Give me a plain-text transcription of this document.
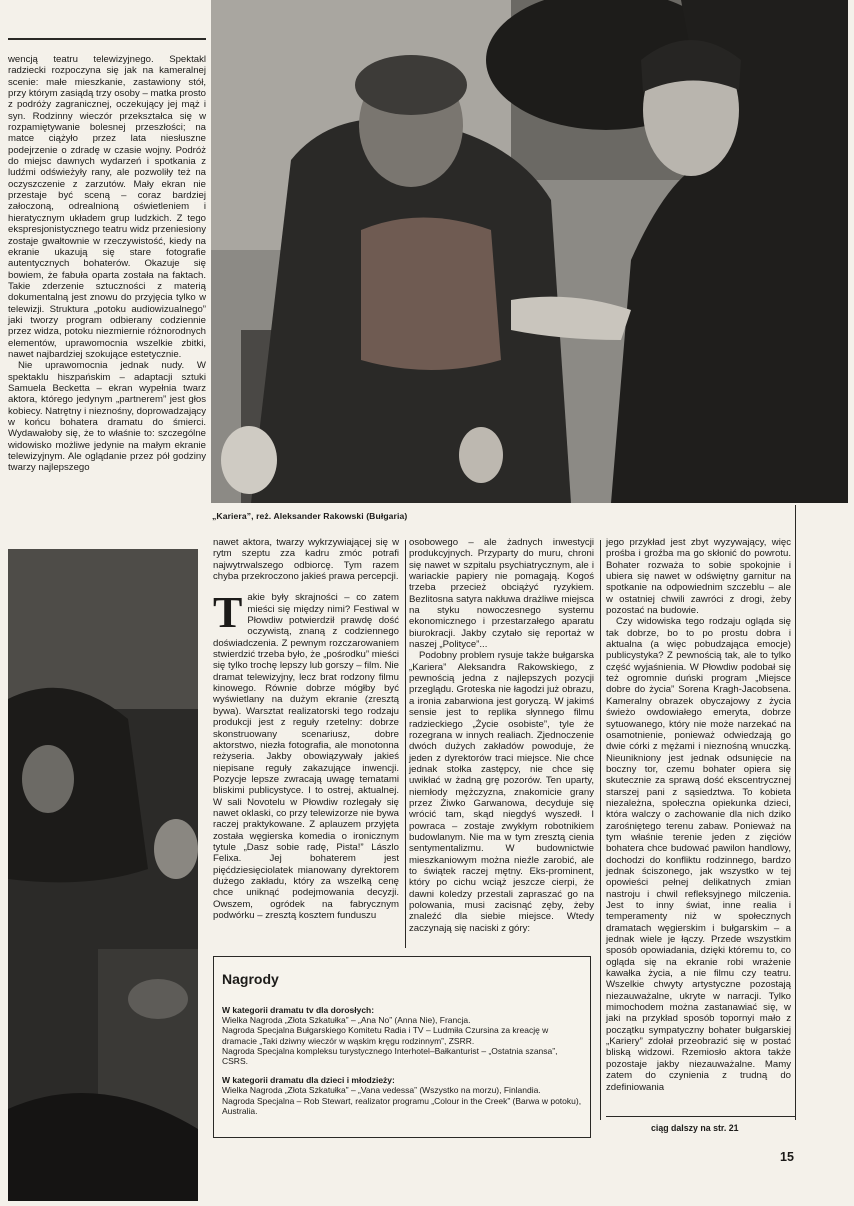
wencją teatru telewizyjnego. Spektakl radziecki rozpoczyna się jak na kameralnej scenie: małe mieszkanie, zastawiony stół, przy którym zasiądą trzy osoby – matka prosto z podróży zagranicznej, oczekujący jej mąż i syn. Rodzinny wieczór przekształca się w rozpamiętywanie bolesnej przeszłości; na matce ciążyło przez lata niesłuszne podejrzenie o zdradę w czasie wojny. Podróż do miejsc dawnych wydarzeń i spotkania z ludźmi odświeżyły rany, ale pozwoliły też na oczyszczenie z zarzutów. Mały ekran nie przestaje być sceną – coraz bardziej załoczoną, odrealnioną oświetleniem i hieratycznym układem grup ludzkich. Z tego ekspresjonistycznego teatru widz przeniesiony zostaje gwałtownie w rzeczywistość, kiedy na ekranie ukazują się stare fotografie autentycznych bohaterów. Okazuje się bowiem, że fabuła oparta została na faktach. Takie zderzenie sztuczności z materią dokumentalną jest znowu do przyjęcia tylko w telewizji. Struktura „potoku audiowizualnego” jaki tworzy program odbierany codziennie przez widza, potoku niezmiernie różnorodnych elementów, uprawomocnia wszelkie zbitki, nawet najbardziej szokujące estetycznie.

Nie uprawomocnia jednak nudy. W spektaklu hiszpańskim – adaptacji sztuki Samuela Becketta – ekran wypełnia twarz aktora, którego jedynym „partnerem” jest głos kobiecy. Natrętny i nieznośny, doprowadzający w końcu bohatera dramatu do śmierci. Wydawałoby się, że to właśnie to: szczególne widowisko możliwe jedynie na małym ekranie telewizyjnym. Ale oglądanie przez pół godziny twarzy najlepszego

„Kariera”, reż. Aleksander Rakowski (Bułgaria)

nawet aktora, twarzy wykrzywiającej się w rytm szeptu zza kadru zmóc potrafi najwytrwalszego odbiorcę. Tym razem chyba przekroczono jakieś prawa percepcji.

Takie były skrajności – co zatem mieści się między nimi? Festiwal w Płowdiw potwierdził prawdę dość oczywistą, znaną z codziennego doświadczenia. Z pewnym rozczarowaniem stwierdzić trzeba było, że „pośrodku” mieści się tylko trochę lepszy lub gorszy – film. Nie dramat telewizyjny, lecz brat rodzony filmu kinowego. Równie dobrze mógłby być wyświetlany na dużym ekranie (zresztą bywa). Warsztat realizatorski tego rodzaju produkcji jest z reguły rzetelny: dobrze skonstruowany scenariusz, dobre aktorstwo, niezła fotografia, ale monotonna reżyseria. Jakby obowiązywały jakieś niepisane reguły zakazujące inwencji. Pozycje lepsze zwracają uwagę tematami bliskimi publicystyce. I to ostrej, aktualnej. W sali Novotelu w Płowdiw rozlegały się nawet oklaski, co przy telewizorze nie bywa raczej praktykowane. Z aplauzem przyjęta została węgierska komedia o ironicznym tytule „Dasz sobie radę, Pista!” Lászlo Felixa. Jej bohaterem jest pięćdziesięciolatek mianowany dyrektorem dużego zakładu, który za wszelką cenę chce uniknąć podejmowania decyzji. Owszem, ogródek na fabrycznym podwórku – zresztą kosztem funduszu

osobowego – ale żadnych inwestycji produkcyjnych. Przyparty do muru, chroni się nawet w szpitalu psychiatrycznym, ale i wariackie papiery nie pomagają. Kogoś trzeba przecież obciążyć ryzykiem. Bezlitosna satyra nakłuwa drażliwe miejsca na styku nowoczesnego systemu ekonomicznego i przestarzałego aparatu biurokracji. Jakby czytało się reportaż w naszej „Polityce”...

Podobny problem rysuje także bułgarska „Kariera” Aleksandra Rakowskiego, z pewnością jedna z najlepszych pozycji przeglądu. Groteska nie łagodzi już obrazu, a ironia zabarwiona jest goryczą. W jakimś sensie jest to replika słynnego filmu radzieckiego „Życie osobiste”, tyle że rozegrana w innych realiach. Zjednoczenie dwóch dużych zakładów powoduje, że jeden z dyrektorów traci miejsce. Nie chce jednak stołka zastępcy, nie chce się uwikłać w żadną grę pozorów. Ten uparty, niemłody mężczyzna, znakomicie grany przez Żiwko Garwanowa, decyduje się wrócić tam, skąd niegdyś wyszedł. I powraca – zostaje zwykłym robotnikiem budowlanym. Nie ma w tym zresztą cienia sentymentalizmu. W budownictwie mieszkaniowym można nieźle zarobić, ale to świątek raczej mętny. Eks-prominent, który po cichu wciąż jeszcze cierpi, że dawni koledzy przestali zapraszać go na polowania, musi zacisnąć zęby, żeby znaleźć dla siebie miejsce. Wtedy zaczynają się naciski z góry:

jego przykład jest zbyt wyzywający, więc prośba i groźba ma go skłonić do powrotu. Bohater rozważa to sobie spokojnie i ubiera się nawet w odświętny garnitur na spotkanie na odpowiednim szczeblu – ale w ostatniej chwili zawróci z drogi, żeby pozostać na budowie.

Czy widowiska tego rodzaju ogląda się tak dobrze, bo to po prostu dobra i aktualna (a więc pobudzająca emocje) publicystyka? Z pewnością tak, ale to tylko część wyjaśnienia. W Płowdiw podobał się też ogromnie duński program „Miejsce dobre do życia” Sorena Kragh-Jacobsena. Kameralny obrazek obyczajowy z życia świeżo owdowiałego emeryta, dobrze sytuowanego, który nie może narzekać na osamotnienie, ponieważ odwiedzają go dwie córki z mężami i nieznośną wnuczką. Nieunikniony jest jednak odsunięcie na boczny tor, czemu bohater opiera się skutecznie za sprawą dość ekscentrycznej starszej pani z sąsiedztwa. To kobieta niezależna, społeczna opiekunka dzieci, która walczy o zachowanie dla nich dziko zarośniętego terenu zabaw. Ponieważ na tym właśnie terenie jeden z zięciów bohatera chce budować pawilon handlowy, dochodzi do konfliktu rodzinnego, bardzo jednak ściszonego, jak wszystko w tej opowieści pełnej delikatnych zmian nastroju i chwil refleksyjnego milczenia. Jest to inny świat, inne realia i temperamenty niż w społecznych dramatach węgierskim i bułgarskim – a jednak wiele je łączy. Przede wszystkim sposób opowiadania, dzięki któremu to, co ogląda się na ekranie robi wrażenie kawałka życia, a nie filmu czy teatru. Wszelkie chwyty artystyczne pozostają niezauważalne, ukryte w narracji. Tylko mimochodem można zastanawiać się, w jaki na przykład sposób topornyi mało z początku sympatyczny bohater bułgarskiej „Kariery” zdołał przeobrazić się w postać bliską widzowi. Rzemiosło aktora także pozostaje jakby niezauważalne. Mamy zatem do czynienia z trudną do zdefiniowania

Nagrody
W kategorii dramatu tv dla dorosłych:
Wielka Nagroda „Złota Szkatułka” – „Ana No” (Anna Nie), Francja.
Nagroda Specjalna Bułgarskiego Komitetu Radia i TV – Ludmiła Czursina za kreację w dramacie „Taki dziwny wieczór w wąskim kręgu rodzinnym”, ZSRR.
Nagroda Specjalna kompleksu turystycznego Interhotel–Bałkanturist – „Ostatnia szansa”, CSRS.
W kategorii dramatu dla dzieci i młodzieży:
Wielka Nagroda „Złota Szkatułka” – „Vana vedessa” (Wszystko na morzu), Finlandia.
Nagroda Specjalna – Rob Stewart, realizator programu „Colour in the Creek” (Barwa w potoku), Australia.
ciąg dalszy na str. 21
15
